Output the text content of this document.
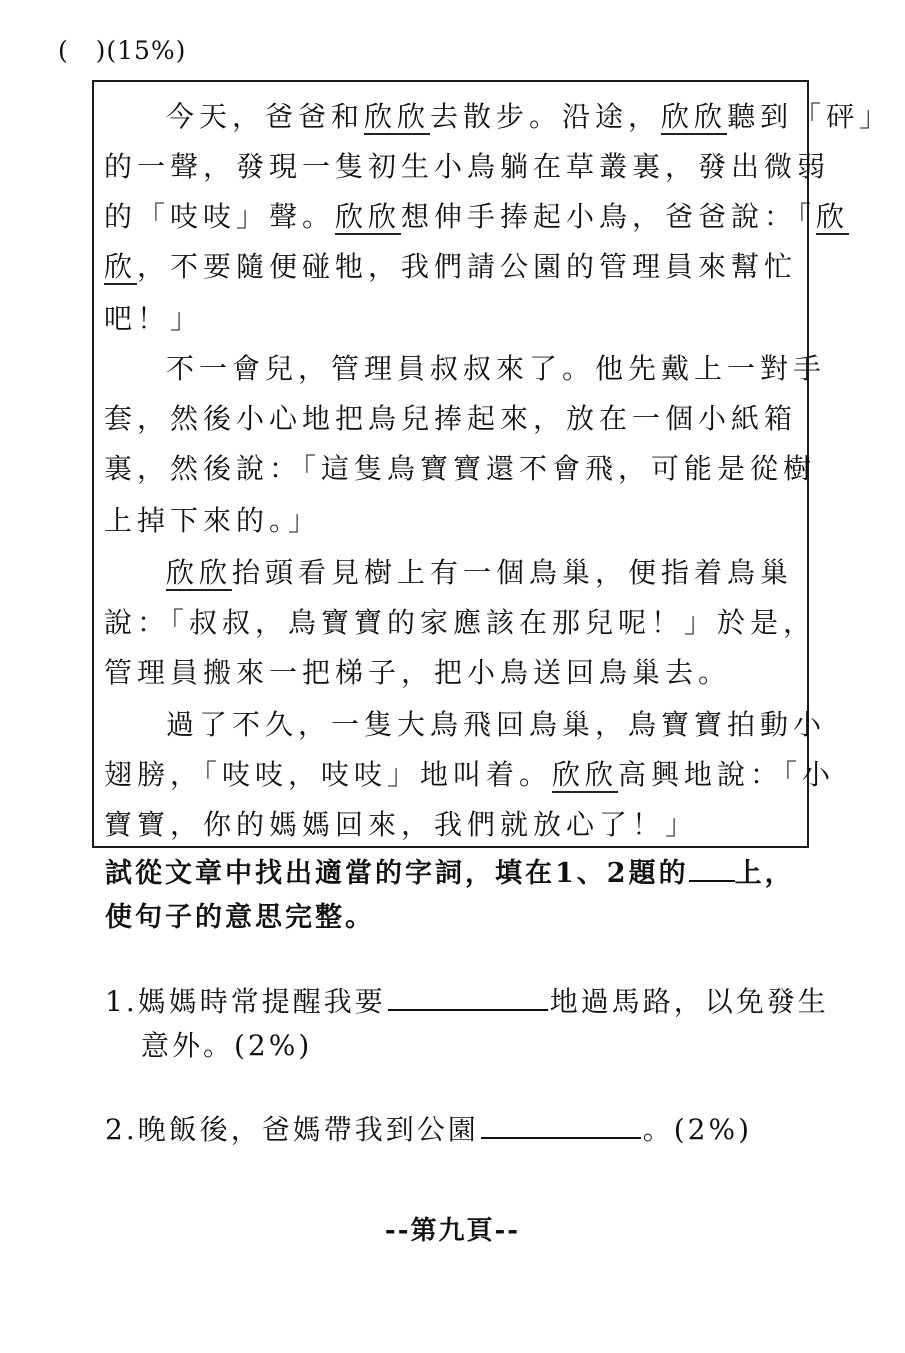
(   )(15%)
今天，爸爸和欣欣去散步。沿途，欣欣聽到「砰」
的一聲，發現一隻初生小鳥躺在草叢裏，發出微弱
的「吱吱」聲。欣欣想伸手捧起小鳥，爸爸說：「欣
欣，不要隨便碰牠，我們請公園的管理員來幫忙
吧！」
不一會兒，管理員叔叔來了。他先戴上一對手
套，然後小心地把鳥兒捧起來，放在一個小紙箱
裏，然後說：「這隻鳥寶寶還不會飛，可能是從樹
上掉下來的。」
欣欣抬頭看見樹上有一個鳥巢，便指着鳥巢
說：「叔叔，鳥寶寶的家應該在那兒呢！」於是，
管理員搬來一把梯子，把小鳥送回鳥巢去。
過了不久，一隻大鳥飛回鳥巢，鳥寶寶拍動小
翅膀，「吱吱，吱吱」地叫着。欣欣高興地說：「小
寶寶，你的媽媽回來，我們就放心了！」
試從文章中找出適當的字詞，填在1、2題的 上，
使句子的意思完整。
1.媽媽時常提醒我要	地過馬路，以免發生
意外。(2%)
2.晚飯後，爸媽帶我到公園	。(2%)
--第九頁--
